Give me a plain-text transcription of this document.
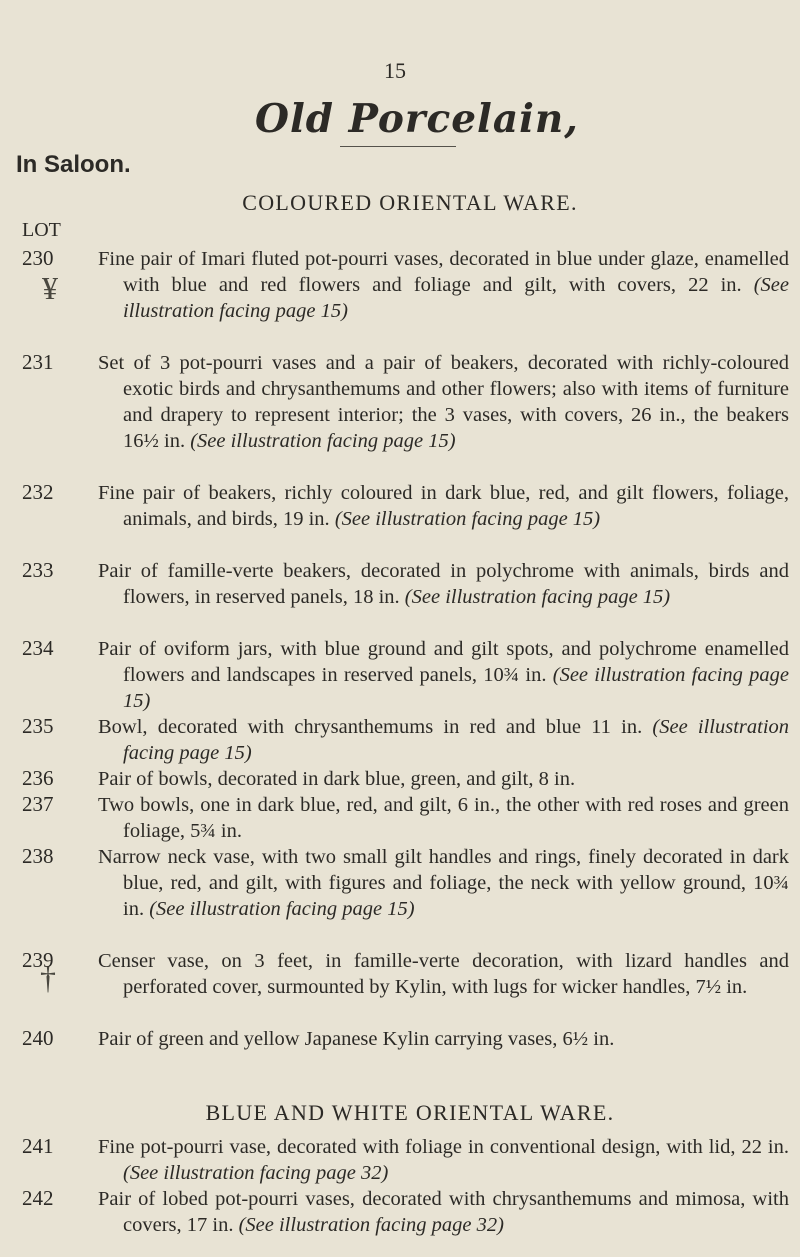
15
Old Porcelain,
In Saloon.
COLOURED ORIENTAL WARE.
LOT
¥
†
230 Fine pair of Imari fluted pot-pourri vases, decorated in blue under glaze, enamelled with blue and red flowers and foliage and gilt, with covers, 22 in. (See illustration facing page 15)
231 Set of 3 pot-pourri vases and a pair of beakers, decorated with richly-coloured exotic birds and chrysanthemums and other flowers; also with items of furniture and drapery to represent interior; the 3 vases, with covers, 26 in., the beakers 16½ in. (See illustration facing page 15)
232 Fine pair of beakers, richly coloured in dark blue, red, and gilt flowers, foliage, animals, and birds, 19 in. (See illustration facing page 15)
233 Pair of famille-verte beakers, decorated in polychrome with animals, birds and flowers, in reserved panels, 18 in. (See illustration facing page 15)
234 Pair of oviform jars, with blue ground and gilt spots, and polychrome enamelled flowers and landscapes in reserved panels, 10¾ in. (See illustration facing page 15)
235 Bowl, decorated with chrysanthemums in red and blue 11 in. (See illustration facing page 15)
236 Pair of bowls, decorated in dark blue, green, and gilt, 8 in.
237 Two bowls, one in dark blue, red, and gilt, 6 in., the other with red roses and green foliage, 5¾ in.
238 Narrow neck vase, with two small gilt handles and rings, finely decorated in dark blue, red, and gilt, with figures and foliage, the neck with yellow ground, 10¾ in. (See illustration facing page 15)
239 Censer vase, on 3 feet, in famille-verte decoration, with lizard handles and perforated cover, surmounted by Kylin, with lugs for wicker handles, 7½ in.
240 Pair of green and yellow Japanese Kylin carrying vases, 6½ in.
BLUE AND WHITE ORIENTAL WARE.
241 Fine pot-pourri vase, decorated with foliage in conventional design, with lid, 22 in. (See illustration facing page 32)
242 Pair of lobed pot-pourri vases, decorated with chrysanthemums and mimosa, with covers, 17 in. (See illustration facing page 32)
